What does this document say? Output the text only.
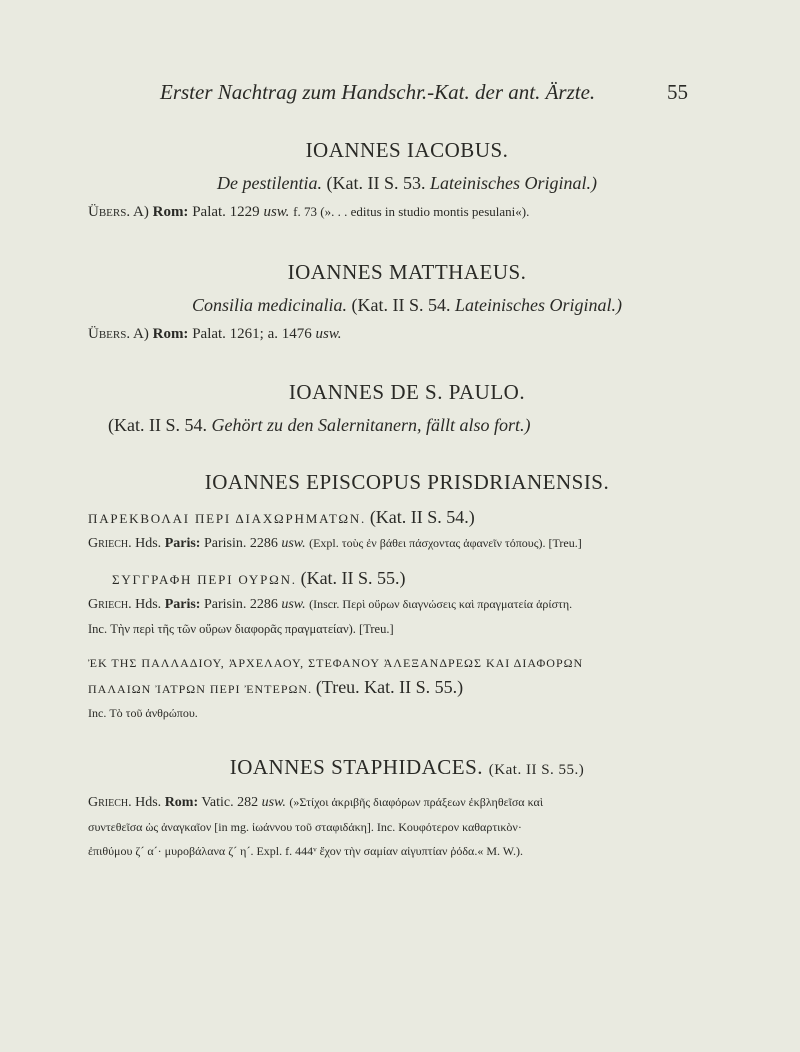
Erster Nachtrag zum Handschr.-Kat. der ant. Ärzte.	55
IOANNES IACOBUS.

De pestilentia. (Kat. II S. 53. Lateinisches Original.)

Übers. A) Rom: Palat. 1229 usw. f. 73 (». . . editus in studio montis pesulani«).

IOANNES MATTHAEUS.

Consilia medicinalia. (Kat. II S. 54. Lateinisches Original.)

Übers. A) Rom: Palat. 1261; a. 1476 usw.

IOANNES DE S. PAULO.

(Kat. II S. 54. Gehört zu den Salernitanern, fällt also fort.)

IOANNES EPISCOPUS PRISDRIANENSIS.

ΠΑΡΕΚΒΟΛΑΙ ΠΕΡΙ ΔΙΑΧΩΡΗΜΑΤΩΝ. (Kat. II S. 54.)

Griech. Hds. Paris: Parisin. 2286 usw. (Expl. τοὺς ἐν βάθει πάσχοντας ἀφανεῖν τόπους). [Treu.]

ΣΥΓΓΡΑΦΗ ΠΕΡΙ ΟΥΡΩΝ. (Kat. II S. 55.)

Griech. Hds. Paris: Parisin. 2286 usw. (Inscr. Περὶ οὔρων διαγνώσεις καὶ πραγματεία ἀρίστη.

Inc. Τὴν περὶ τῆς τῶν οὔρων διαφορᾶς πραγματείαν). [Treu.]

ἘΚ ΤΗΣ ΠΑΛΛΑΔΙΟΥ, ἈΡΧΕΛΑΟΥ, ΣΤΕΦΑΝΟΥ ἈΛΕΞΑΝΔΡΕΩΣ ΚΑΙ ΔΙΑΦΟΡΩΝ

ΠΑΛΑΙΩΝ ἸΑΤΡΩΝ ΠΕΡΙ ἘΝΤΕΡΩΝ. (Treu. Kat. II S. 55.)

Inc. Τὸ τοῦ ἀνθρώπου.

IOANNES STAPHIDACES. (Kat. II S. 55.)

Griech. Hds. Rom: Vatic. 282 usw. (»Στίχοι ἀκριβῆς διαφόρων πράξεων ἐκβληθεῖσα καὶ

συντεθεῖσα ὡς ἀναγκαῖον [in mg. ἰωάννου τοῦ σταφιδάκη]. Inc. Κουφότερον καθαρτικὸν·

ἐπιθύμου ζ´ α´· μυροβάλανα ζ´ η´. Expl. f. 444ᵛ ἔχον τὴν σαμίαν αἰγυπτίαν ῥόδα.« M. W.).
